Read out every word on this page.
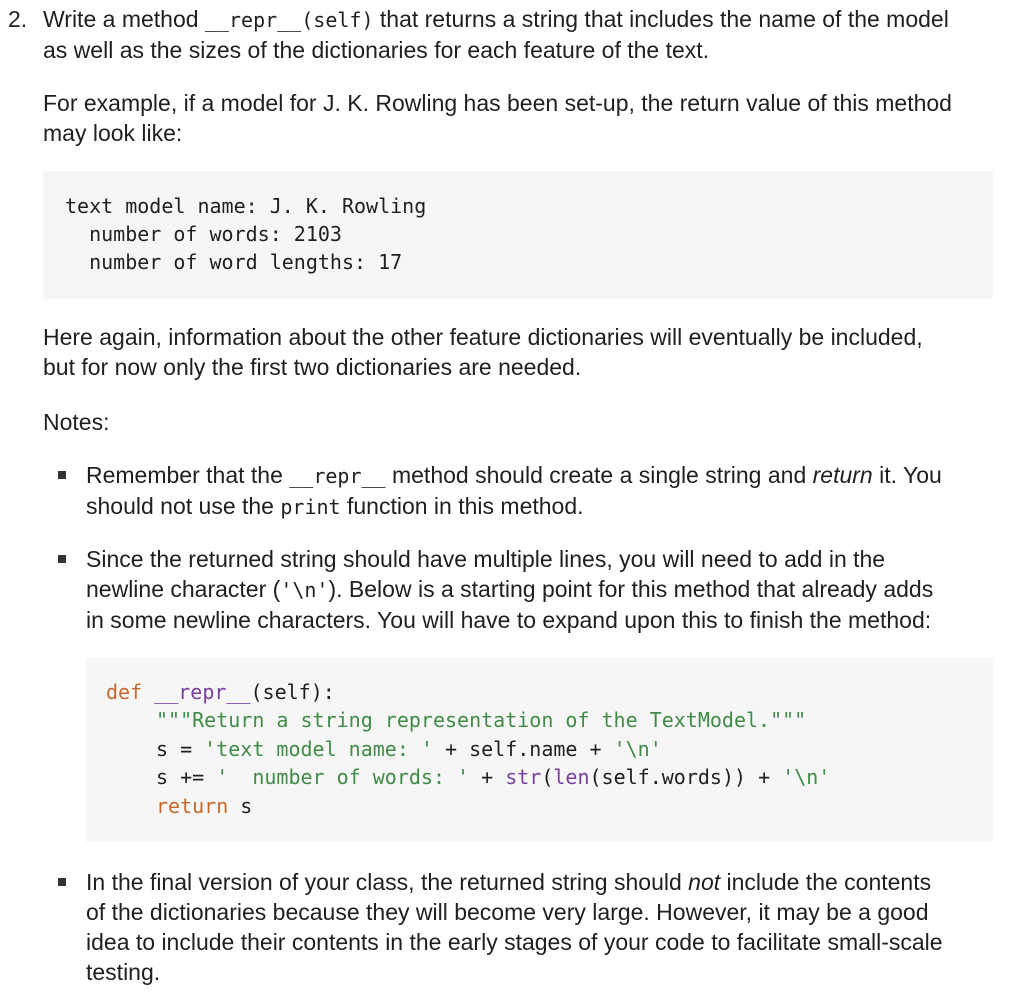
2. Write a method __repr__(self) that returns a string that includes the name of the model
as well as the sizes of the dictionaries for each feature of the text.
For example, if a model for J. K. Rowling has been set-up, the return value of this method
may look like:
text model name: J. K. Rowling
number of words: 2103
number of word lengths: 17
Here again, information about the other feature dictionaries will eventually be included,
but for now only the first two dictionaries are needed.
Notes:
Remember that the __repr__ method should create a single string and return it. You
should not use the print function in this method.
Since the returned string should have multiple lines, you will need to add in the
newline character ('\n'). Below is a starting point for this method that already adds
in some newline characters. You will have to expand upon this to finish the method:
def __repr__(self):
"""Return a string representation of the TextModel."""
s = 'text model name: ' + self.name + '\n'
s += '  number of words: ' + str(len(self.words)) + '\n'
return s
In the final version of your class, the returned string should not include the contents
of the dictionaries because they will become very large. However, it may be a good
idea to include their contents in the early stages of your code to facilitate small-scale
testing.
